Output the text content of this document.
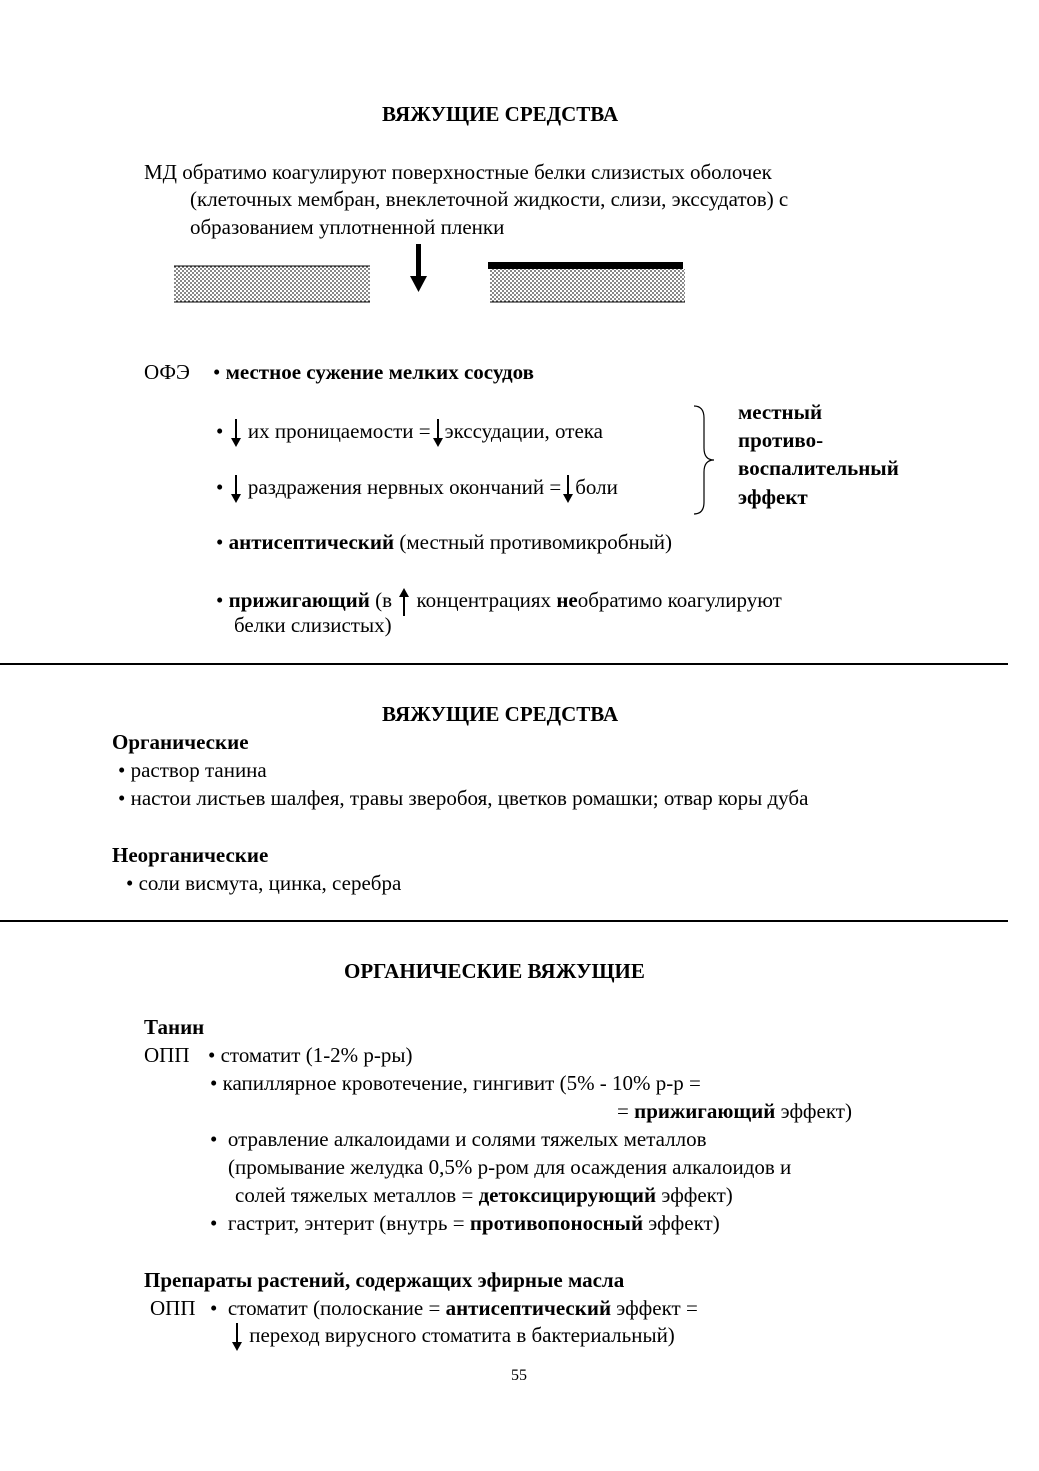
ВЯЖУЩИЕ СРЕДСТВА
МД обратимо коагулируют поверхностные белки слизистых оболочек
(клеточных мембран, внеклеточной жидкости, слизи, экссудатов) с
образованием уплотненной пленки
ОФЭ • местное сужение мелких сосудов
•  их проницаемости = экссудации, отека
•  раздражения нервных окончаний = боли
местный
противо-
воспалительный
эффект
• антисептический (местный противомикробный)
• прижигающий (в концентрациях необратимо коагулируют
белки слизистых)
ВЯЖУЩИЕ СРЕДСТВА
Органические
• раствор танина
• настои листьев шалфея, травы зверобоя, цветков ромашки; отвар коры дуба
Неорганические
• соли висмута, цинка, серебра
ОРГАНИЧЕСКИЕ ВЯЖУЩИЕ
Танин
ОПП • стоматит (1-2% р-ры)
• капиллярное кровотечение, гингивит (5% - 10% р-р =
= прижигающий эффект)
•  отравление алкалоидами и солями тяжелых металлов
(промывание желудка 0,5% р-ром для осаждения алкалоидов и
солей тяжелых металлов = детоксицирующий эффект)
•  гастрит, энтерит (внутрь = противопоносный эффект)
Препараты растений, содержащих эфирные масла
ОПП •  стоматит (полоскание = антисептический эффект =
переход вирусного стоматита в бактериальный)
55
